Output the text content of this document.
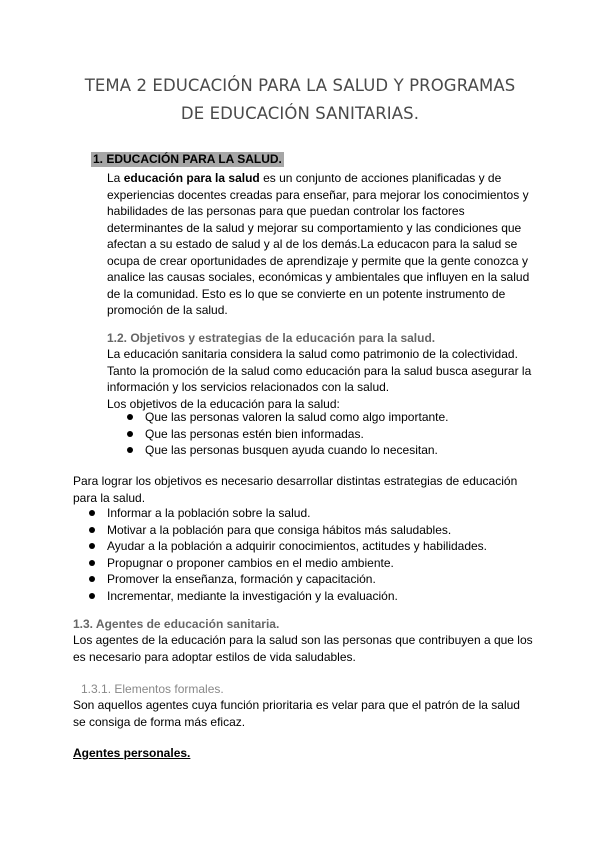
TEMA 2 EDUCACIÓN PARA LA SALUD Y PROGRAMAS
DE EDUCACIÓN SANITARIAS.
1. EDUCACIÓN PARA LA SALUD.
La educación para la salud es un conjunto de acciones planificadas y de experiencias docentes creadas para enseñar, para mejorar los conocimientos y habilidades de las personas para que puedan controlar los factores determinantes de la salud y mejorar su comportamiento y las condiciones que afectan a su estado de salud y al de los demás.La educacon para la salud se ocupa de crear oportunidades de aprendizaje y permite que la gente conozca y analice las causas sociales, económicas y ambientales que influyen en la salud de la comunidad. Esto es lo que se convierte en un potente instrumento de promoción de la salud.
1.2. Objetivos y estrategias de la educación para la salud.
La educación sanitaria considera la salud como patrimonio de la colectividad. Tanto la promoción de la salud como educación para la salud busca asegurar la información y los servicios relacionados con la salud.
Los objetivos de la educación para la salud:
Que las personas valoren la salud como algo importante.
Que las personas estén bien informadas.
Que las personas busquen ayuda cuando lo necesitan.
Para lograr los objetivos es necesario desarrollar distintas estrategias de educación para la salud.
Informar a la población sobre la salud.
Motivar a la población para que consiga hábitos más saludables.
Ayudar a la población a adquirir conocimientos, actitudes y habilidades.
Propugnar o proponer cambios en el medio ambiente.
Promover la enseñanza, formación y capacitación.
Incrementar, mediante la investigación y la evaluación.
1.3. Agentes de educación sanitaria.
Los agentes de la educación para la salud son las personas que contribuyen a que los es necesario para adoptar estilos de vida saludables.
1.3.1. Elementos formales.
Son aquellos agentes cuya función prioritaria es velar para que el patrón de la salud se consiga de forma más eficaz.
Agentes personales.
